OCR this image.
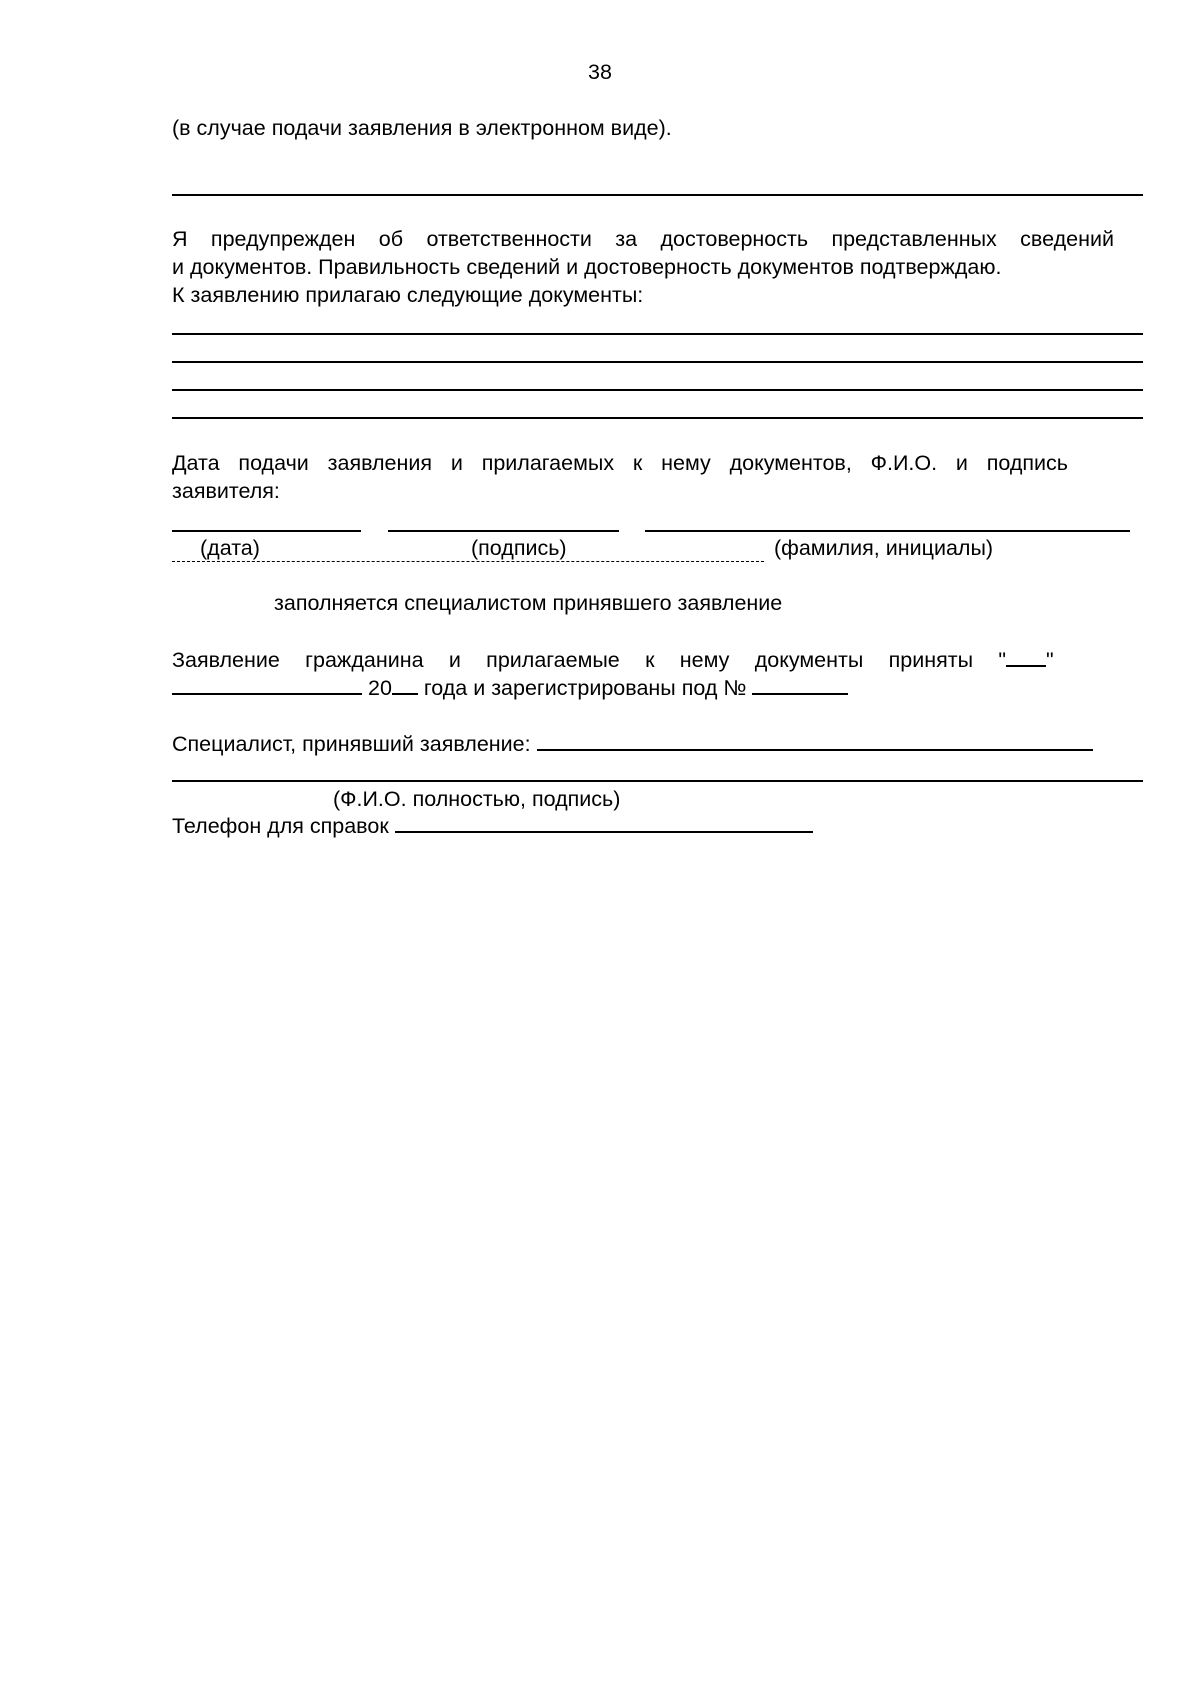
38
(в случае подачи заявления в электронном виде).
Я предупрежден об ответственности за достоверность представленных сведений
и документов. Правильность сведений и достоверность документов подтверждаю.
К заявлению прилагаю следующие документы:
Дата подачи заявления и прилагаемых к нему документов, Ф.И.О. и подпись
заявителя:
(дата)	(подпись)	(фамилия, инициалы)
заполняется специалистом принявшего заявление
Заявление гражданина и прилагаемые к нему документы приняты " "
20 года и зарегистрированы под №
Специалист, принявший заявление:
(Ф.И.О. полностью, подпись)
Телефон для справок
